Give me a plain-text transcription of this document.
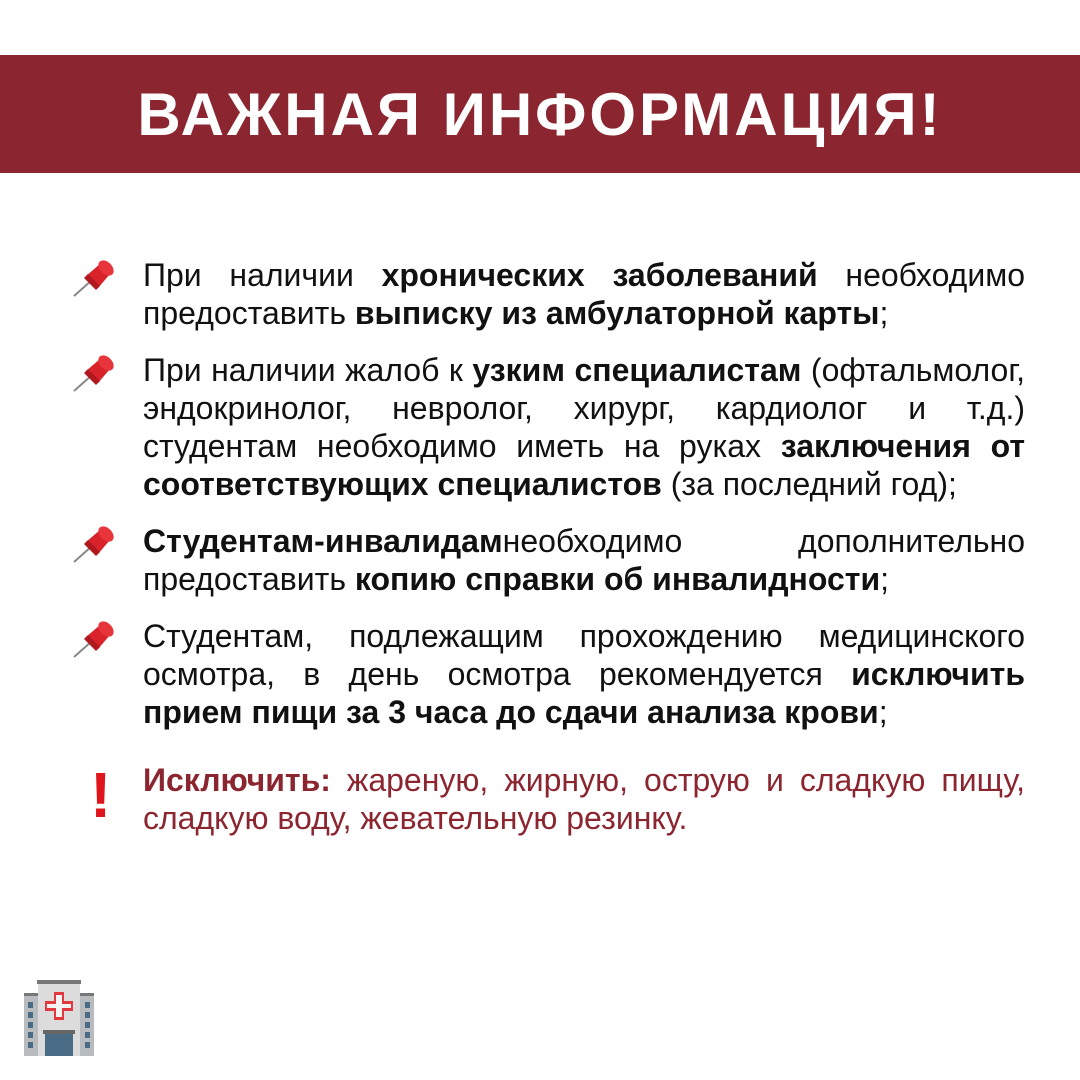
ВАЖНАЯ ИНФОРМАЦИЯ!
При наличии хронических заболеваний необходимо предоставить выписку из амбулаторной карты;
При наличии жалоб к узким специалистам (офтальмолог, эндокринолог, невролог, хирург, кардиолог и т.д.) студентам необходимо иметь на руках заключения от соответствующих специалистов (за последний год);
Студентам-инвалидамнеобходимо дополнительно предоставить копию справки об инвалидности;
Студентам, подлежащим прохождению медицинского осмотра, в день осмотра рекомендуется исключить прием пищи за 3 часа до сдачи анализа крови;
! Исключить: жареную, жирную, острую и сладкую пищу, сладкую воду, жевательную резинку.
